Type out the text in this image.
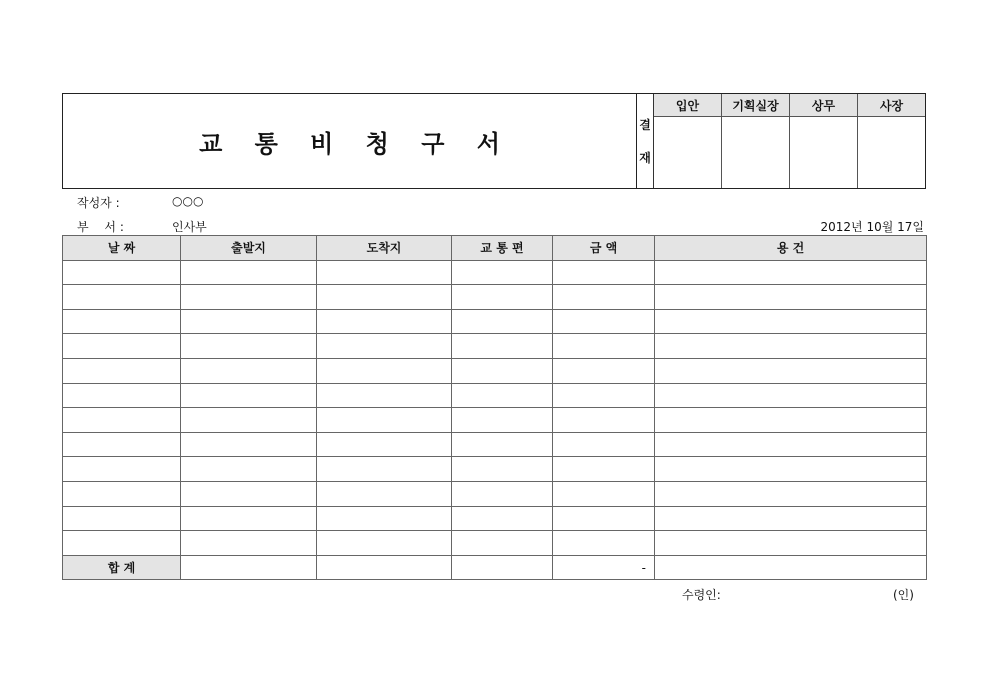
교 통 비 청 구 서
결
재
입안	기획실장	상무	사장
작성자 :	○○○
부　 서 :	인사부	2012년 10월 17일
날 짜	출발지	도착지	교 통 편	금 액	용 건

합 계				-	
수령인:	(인)
